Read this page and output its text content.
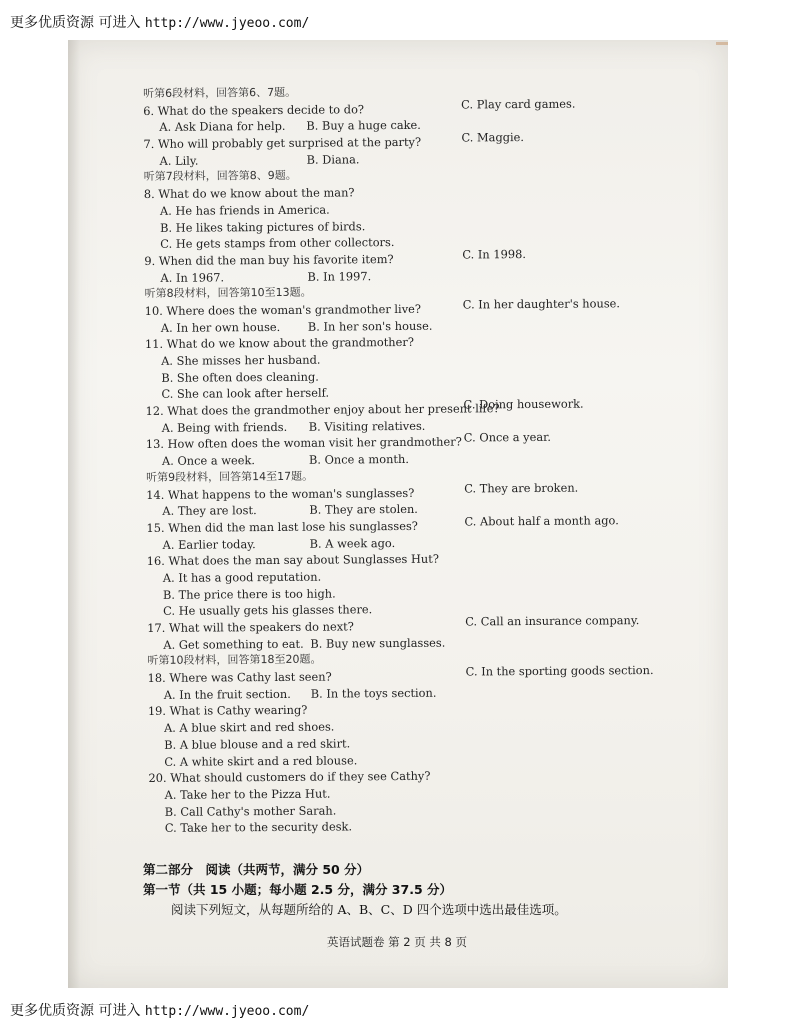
更多优质资源 可进入 http://www.jyeoo.com/
听第6段材料，回答第6、7题。
6. What do the speakers decide to do?	C. Play card games.
A. Ask Diana for help. B. Buy a huge cake.
7. Who will probably get surprised at the party?	C. Maggie.
A. Lily.	B. Diana.
听第7段材料，回答第8、9题。
8. What do we know about the man?
A. He has friends in America.
B. He likes taking pictures of birds.
C. He gets stamps from other collectors.
9. When did the man buy his favorite item?	C. In 1998.
A. In 1967.	B. In 1997.
听第8段材料，回答第10至13题。
10. Where does the woman's grandmother live?	C. In her daughter's house.
A. In her own house. B. In her son's house.
11. What do we know about the grandmother?
A. She misses her husband.
B. She often does cleaning.
C. She can look after herself.
12. What does the grandmother enjoy about her present life?
C. Doing housework.
A. Being with friends. B. Visiting relatives.
13. How often does the woman visit her grandmother? C. Once a year.
A. Once a week.	B. Once a month.
听第9段材料，回答第14至17题。
14. What happens to the woman's sunglasses?	C. They are broken.
A. They are lost.	B. They are stolen.
15. When did the man last lose his sunglasses?	C. About half a month ago.
A. Earlier today.	B. A week ago.
16. What does the man say about Sunglasses Hut?
A. It has a good reputation.
B. The price there is too high.
C. He usually gets his glasses there.
17. What will the speakers do next?	C. Call an insurance company.
A. Get something to eat. B. Buy new sunglasses.
听第10段材料，回答第18至20题。
18. Where was Cathy last seen?	C. In the sporting goods section.
A. In the fruit section. B. In the toys section.
19. What is Cathy wearing?
A. A blue skirt and red shoes.
B. A blue blouse and a red skirt.
C. A white skirt and a red blouse.
20. What should customers do if they see Cathy?
A. Take her to the Pizza Hut.
B. Call Cathy's mother Sarah.
C. Take her to the security desk.
第二部分　阅读（共两节，满分 50 分）
第一节（共 15 小题；每小题 2.5 分，满分 37.5 分）
阅读下列短文，从每题所给的 A、B、C、D 四个选项中选出最佳选项。
英语试题卷 第 2 页 共 8 页
更多优质资源 可进入 http://www.jyeoo.com/
